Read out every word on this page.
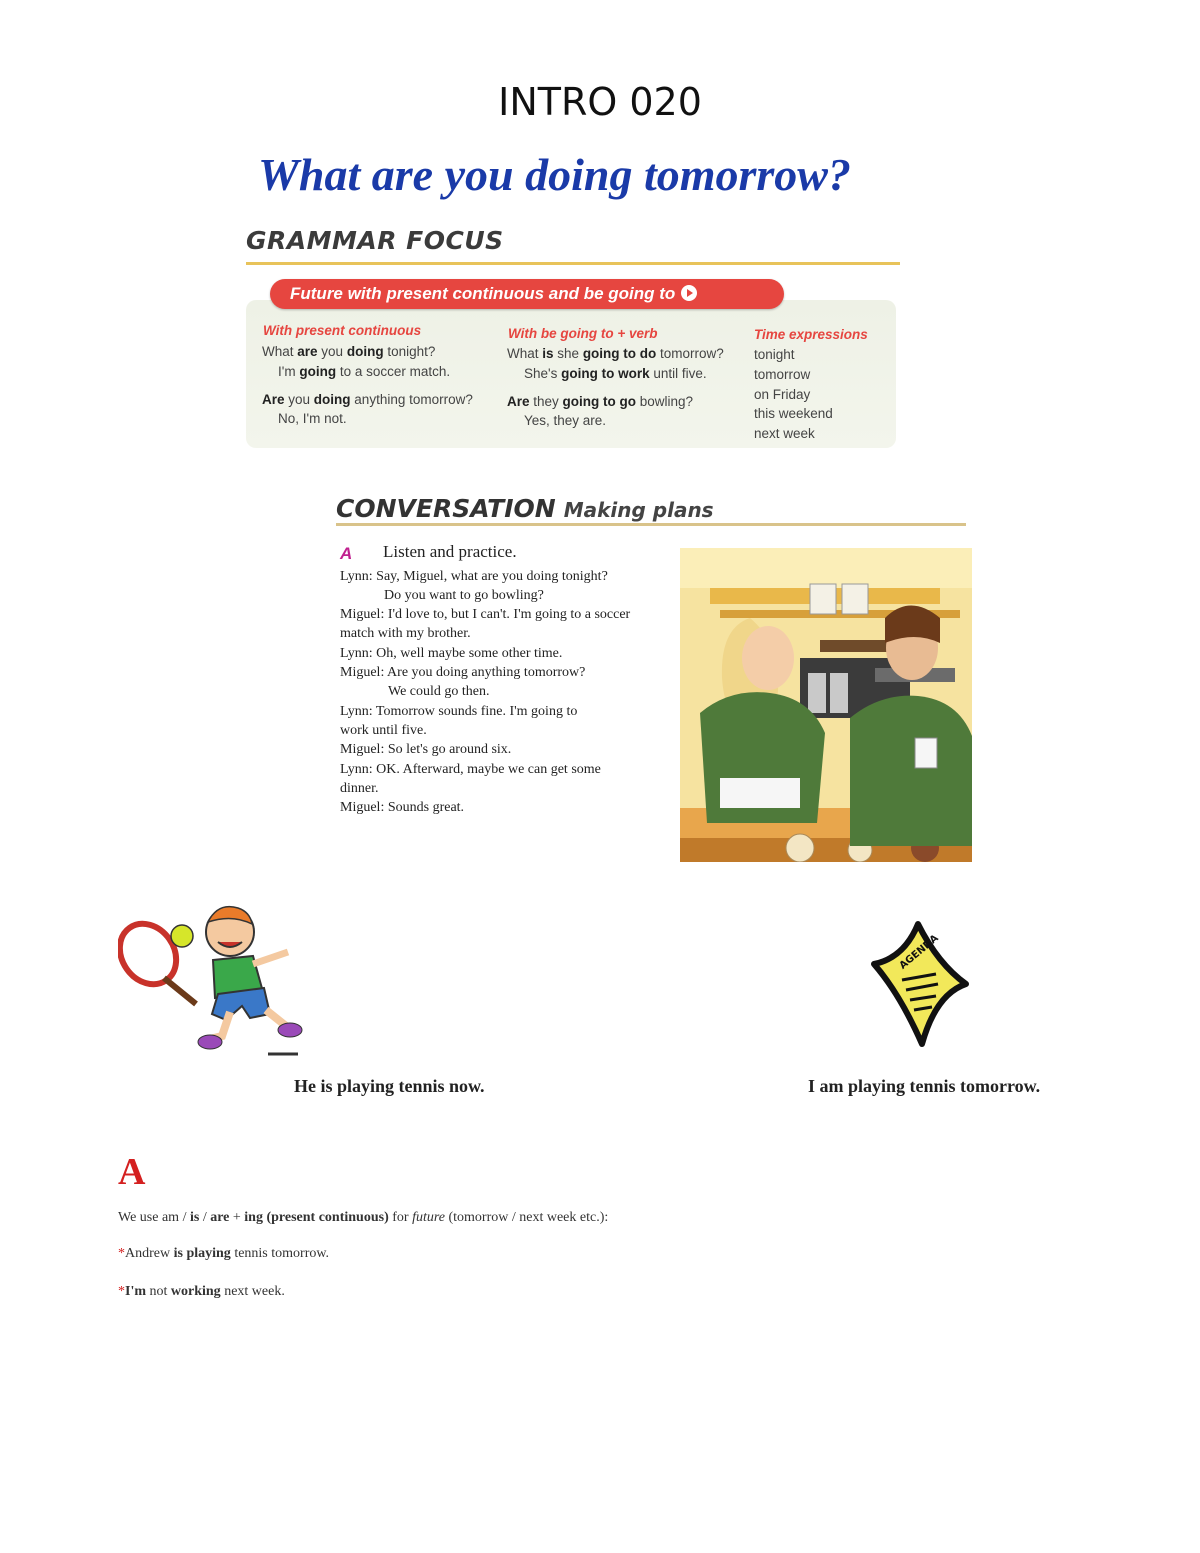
INTRO 020
What are you doing tomorrow?
GRAMMAR FOCUS
Future with present continuous and be going to
With present continuous
What are you doing tonight?
I'm going to a soccer match.
Are you doing anything tomorrow?
No, I'm not.
With be going to + verb
What is she going to do tomorrow?
She's going to work until five.
Are they going to go bowling?
Yes, they are.
Time expressions
tonight
tomorrow
on Friday
this weekend
next week
CONVERSATION Making plans
A Listen and practice.
Lynn: Say, Miguel, what are you doing tonight?
Do you want to go bowling?
Miguel: I'd love to, but I can't. I'm going to a soccer
match with my brother.
Lynn: Oh, well maybe some other time.
Miguel: Are you doing anything tomorrow?
We could go then.
Lynn: Tomorrow sounds fine. I'm going to
work until five.
Miguel: So let's go around six.
Lynn: OK. Afterward, maybe we can get some
dinner.
Miguel: Sounds great.
AGENDA
He is playing tennis now.	I am playing tennis tomorrow.
A
We use am / is / are + ing (present continuous) for future (tomorrow / next week etc.):
*Andrew is playing tennis tomorrow.
*I'm not working next week.
